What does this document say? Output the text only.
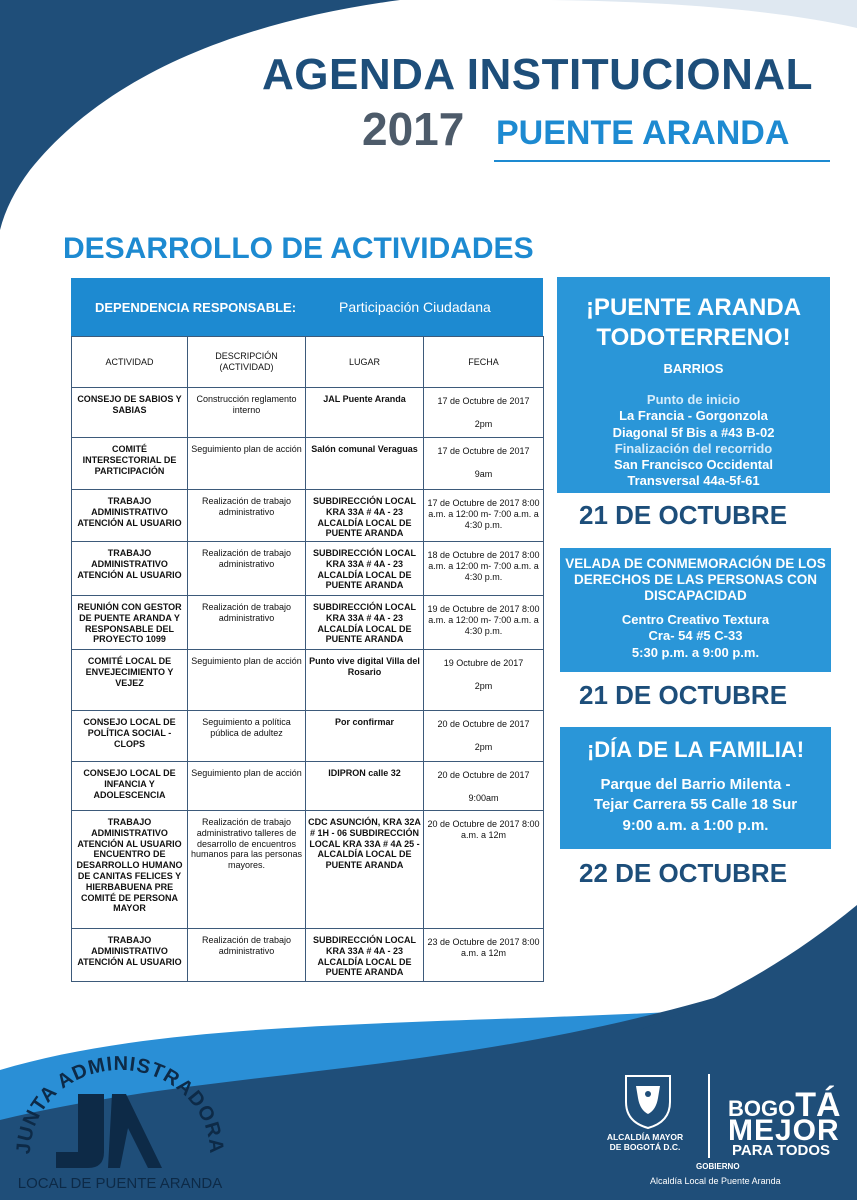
AGENDA INSTITUCIONAL
2017 PUENTE ARANDA
DESARROLLO DE ACTIVIDADES
DEPENDENCIA RESPONSABLE:	Participación Ciudadana
ACTIVIDAD	DESCRIPCIÓN (ACTIVIDAD)	LUGAR	FECHA
CONSEJO DE SABIOS Y SABIAS	Construcción reglamento interno	JAL Puente Aranda	17 de Octubre de 2017
2pm

COMITÉ INTERSECTORIAL DE PARTICIPACIÓN	Seguimiento plan de acción	Salón comunal Veraguas	17 de Octubre de 2017
9am

TRABAJO ADMINISTRATIVO ATENCIÓN AL USUARIO	Realización de trabajo administrativo	SUBDIRECCIÓN LOCAL KRA 33A # 4A - 23 ALCALDÍA LOCAL DE PUENTE ARANDA	17 de Octubre de 2017 8:00 a.m. a 12:00 m- 7:00 a.m. a 4:30 p.m.

TRABAJO ADMINISTRATIVO ATENCIÓN AL USUARIO	Realización de trabajo administrativo	SUBDIRECCIÓN LOCAL KRA 33A # 4A - 23 ALCALDÍA LOCAL DE PUENTE ARANDA	18 de Octubre de 2017 8:00 a.m. a 12:00 m- 7:00 a.m. a 4:30 p.m.

REUNIÓN CON GESTOR DE PUENTE ARANDA Y RESPONSABLE DEL PROYECTO 1099	Realización de trabajo administrativo	SUBDIRECCIÓN LOCAL KRA 33A # 4A - 23 ALCALDÍA LOCAL DE PUENTE ARANDA	19 de Octubre de 2017 8:00 a.m. a 12:00 m- 7:00 a.m. a 4:30 p.m.

COMITÉ LOCAL DE ENVEJECIMIENTO Y VEJEZ	Seguimiento plan de acción	Punto vive digital Villa del Rosario	19 Octubre de 2017
2pm

CONSEJO LOCAL DE POLÍTICA SOCIAL - CLOPS	Seguimiento a política pública de adultez	Por confirmar	20 de Octubre de 2017
2pm

CONSEJO LOCAL DE INFANCIA Y ADOLESCENCIA	Seguimiento plan de acción	IDIPRON calle 32	20 de Octubre de 2017
9:00am

TRABAJO ADMINISTRATIVO ATENCIÓN AL USUARIO ENCUENTRO DE DESARROLLO HUMANO DE CANITAS FELICES Y HIERBABUENA PRE COMITÉ DE PERSONA MAYOR	Realización de trabajo administrativo talleres de desarrollo de encuentros humanos para las personas mayores.	CDC ASUNCIÓN, KRA 32A # 1H - 06 SUBDIRECCIÓN LOCAL KRA 33A # 4A 25 - ALCALDÍA LOCAL DE PUENTE ARANDA	20 de Octubre de 2017 8:00 a.m. a 12m

TRABAJO ADMINISTRATIVO ATENCIÓN AL USUARIO	Realización de trabajo administrativo	SUBDIRECCIÓN LOCAL KRA 33A # 4A - 23 ALCALDÍA LOCAL DE PUENTE ARANDA	23 de Octubre de 2017 8:00 a.m. a 12m
¡PUENTE ARANDA TODOTERRENO!
BARRIOS
Punto de inicio
La Francia - Gorgonzola
Diagonal 5f Bis a #43 B-02
Finalización del recorrido
San Francisco Occidental
Transversal 44a-5f-61
21 DE OCTUBRE
VELADA DE CONMEMORACIÓN DE LOS DERECHOS DE LAS PERSONAS CON DISCAPACIDAD
Centro Creativo Textura
Cra- 54 #5 C-33
5:30 p.m. a 9:00 p.m.
21 DE OCTUBRE
¡DÍA DE LA FAMILIA!
Parque del Barrio Milenta -
Tejar Carrera 55 Calle 18 Sur
9:00 a.m. a 1:00 p.m.
22 DE OCTUBRE
JUNTA ADMINISTRADORA
LOCAL DE PUENTE ARANDA
ALCALDÍA MAYOR
DE BOGOTÁ D.C.
BOGOTÁ
MEJOR
PARA TODOS
GOBIERNO
Alcaldía Local de Puente Aranda
